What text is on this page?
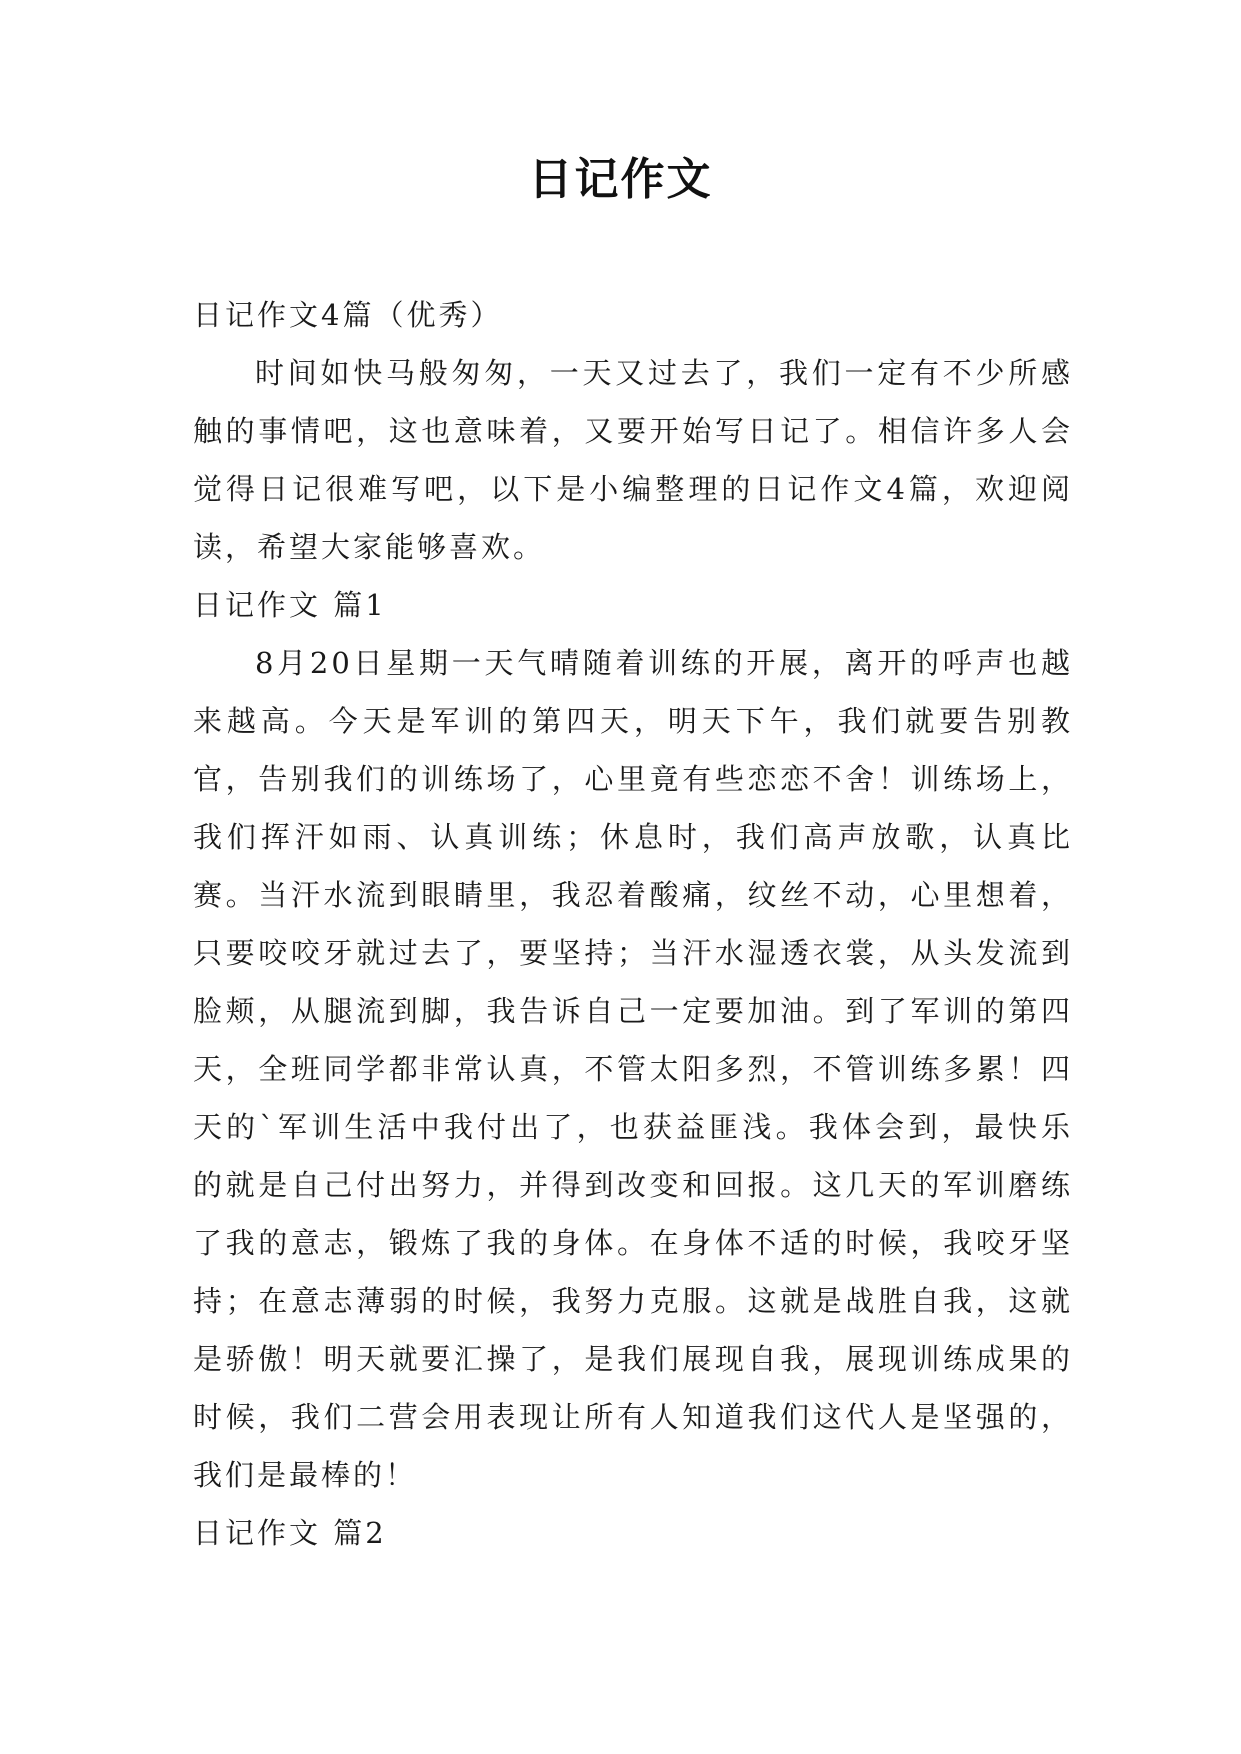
日记作文

日记作文4篇（优秀）

时间如快马般匆匆，一天又过去了，我们一定有不少所感触的事情吧，这也意味着，又要开始写日记了。相信许多人会觉得日记很难写吧，以下是小编整理的日记作文4篇，欢迎阅读，希望大家能够喜欢。

日记作文 篇1

8月20日星期一天气晴随着训练的开展，离开的呼声也越来越高。今天是军训的第四天，明天下午，我们就要告别教官，告别我们的训练场了，心里竟有些恋恋不舍！训练场上，我们挥汗如雨、认真训练；休息时，我们高声放歌，认真比赛。当汗水流到眼睛里，我忍着酸痛，纹丝不动，心里想着，只要咬咬牙就过去了，要坚持；当汗水湿透衣裳，从头发流到脸颊，从腿流到脚，我告诉自己一定要加油。到了军训的第四天，全班同学都非常认真，不管太阳多烈，不管训练多累！四天的`军训生活中我付出了，也获益匪浅。我体会到，最快乐的就是自己付出努力，并得到改变和回报。这几天的军训磨练了我的意志，锻炼了我的身体。在身体不适的时候，我咬牙坚持；在意志薄弱的时候，我努力克服。这就是战胜自我，这就是骄傲！明天就要汇操了，是我们展现自我，展现训练成果的时候，我们二营会用表现让所有人知道我们这代人是坚强的，我们是最棒的！

日记作文 篇2
